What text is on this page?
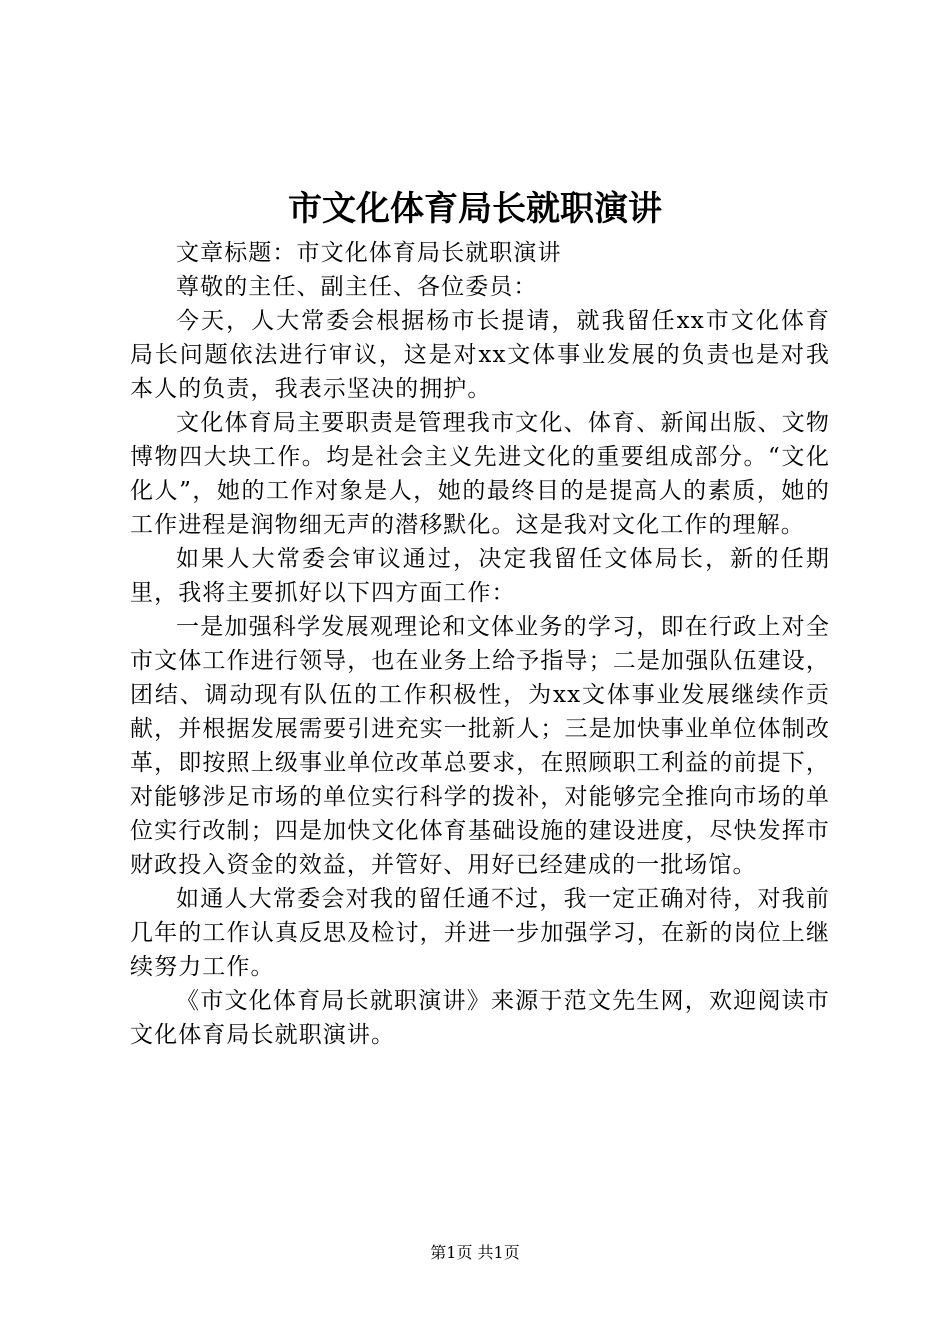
市文化体育局长就职演讲

文章标题：市文化体育局长就职演讲

尊敬的主任、副主任、各位委员：

今天，人大常委会根据杨市长提请，就我留任xx市文化体育局长问题依法进行审议，这是对xx文体事业发展的负责也是对我本人的负责，我表示坚决的拥护。

文化体育局主要职责是管理我市文化、体育、新闻出版、文物博物四大块工作。均是社会主义先进文化的重要组成部分。“文化化人”，她的工作对象是人，她的最终目的是提高人的素质，她的工作进程是润物细无声的潜移默化。这是我对文化工作的理解。

如果人大常委会审议通过，决定我留任文体局长，新的任期里，我将主要抓好以下四方面工作：

一是加强科学发展观理论和文体业务的学习，即在行政上对全市文体工作进行领导，也在业务上给予指导；二是加强队伍建设，团结、调动现有队伍的工作积极性，为xx文体事业发展继续作贡献，并根据发展需要引进充实一批新人；三是加快事业单位体制改革，即按照上级事业单位改革总要求，在照顾职工利益的前提下，对能够涉足市场的单位实行科学的拨补，对能够完全推向市场的单位实行改制；四是加快文化体育基础设施的建设进度，尽快发挥市财政投入资金的效益，并管好、用好已经建成的一批场馆。

如通人大常委会对我的留任通不过，我一定正确对待，对我前几年的工作认真反思及检讨，并进一步加强学习，在新的岗位上继续努力工作。

《市文化体育局长就职演讲》来源于范文先生网，欢迎阅读市文化体育局长就职演讲。

第1页 共1页
